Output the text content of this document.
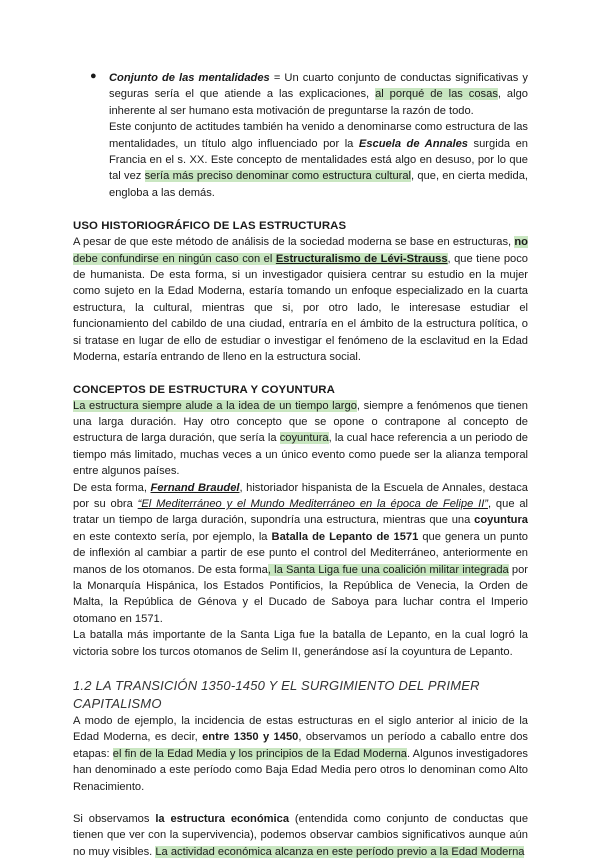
● Conjunto de las mentalidades = Un cuarto conjunto de conductas significativas y seguras sería el que atiende a las explicaciones, al porqué de las cosas, algo inherente al ser humano esta motivación de preguntarse la razón de todo.

Este conjunto de actitudes también ha venido a denominarse como estructura de las mentalidades, un título algo influenciado por la Escuela de Annales surgida en Francia en el s. XX. Este concepto de mentalidades está algo en desuso, por lo que tal vez sería más preciso denominar como estructura cultural, que, en cierta medida, engloba a las demás.

USO HISTORIOGRÁFICO DE LAS ESTRUCTURAS

A pesar de que este método de análisis de la sociedad moderna se base en estructuras, no debe confundirse en ningún caso con el Estructuralismo de Lévi-Strauss, que tiene poco de humanista. De esta forma, si un investigador quisiera centrar su estudio en la mujer como sujeto en la Edad Moderna, estaría tomando un enfoque especializado en la cuarta estructura, la cultural, mientras que si, por otro lado, le interesase estudiar el funcionamiento del cabildo de una ciudad, entraría en el ámbito de la estructura política, o si tratase en lugar de ello de estudiar o investigar el fenómeno de la esclavitud en la Edad Moderna, estaría entrando de lleno en la estructura social.

CONCEPTOS DE ESTRUCTURA Y COYUNTURA

La estructura siempre alude a la idea de un tiempo largo, siempre a fenómenos que tienen una larga duración. Hay otro concepto que se opone o contrapone al concepto de estructura de larga duración, que sería la coyuntura, la cual hace referencia a un periodo de tiempo más limitado, muchas veces a un único evento como puede ser la alianza temporal entre algunos países.

De esta forma, Fernand Braudel, historiador hispanista de la Escuela de Annales, destaca por su obra “El Mediterráneo y el Mundo Mediterráneo en la época de Felipe II”, que al tratar un tiempo de larga duración, supondría una estructura, mientras que una coyuntura en este contexto sería, por ejemplo, la Batalla de Lepanto de 1571 que genera un punto de inflexión al cambiar a partir de ese punto el control del Mediterráneo, anteriormente en manos de los otomanos. De esta forma, la Santa Liga fue una coalición militar integrada por la Monarquía Hispánica, los Estados Pontificios, la República de Venecia, la Orden de Malta, la República de Génova y el Ducado de Saboya para luchar contra el Imperio otomano en 1571.

La batalla más importante de la Santa Liga fue la batalla de Lepanto, en la cual logró la victoria sobre los turcos otomanos de Selim II, generándose así la coyuntura de Lepanto.

1.2 LA TRANSICIÓN 1350-1450 Y EL SURGIMIENTO DEL PRIMER CAPITALISMO

A modo de ejemplo, la incidencia de estas estructuras en el siglo anterior al inicio de la Edad Moderna, es decir, entre 1350 y 1450, observamos un período a caballo entre dos etapas: el fin de la Edad Media y los principios de la Edad Moderna. Algunos investigadores han denominado a este período como Baja Edad Media pero otros lo denominan como Alto Renacimiento.

Si observamos la estructura económica (entendida como conjunto de conductas que tienen que ver con la supervivencia), podemos observar cambios significativos aunque aún no muy visibles. La actividad económica alcanza en este período previo a la Edad Moderna
